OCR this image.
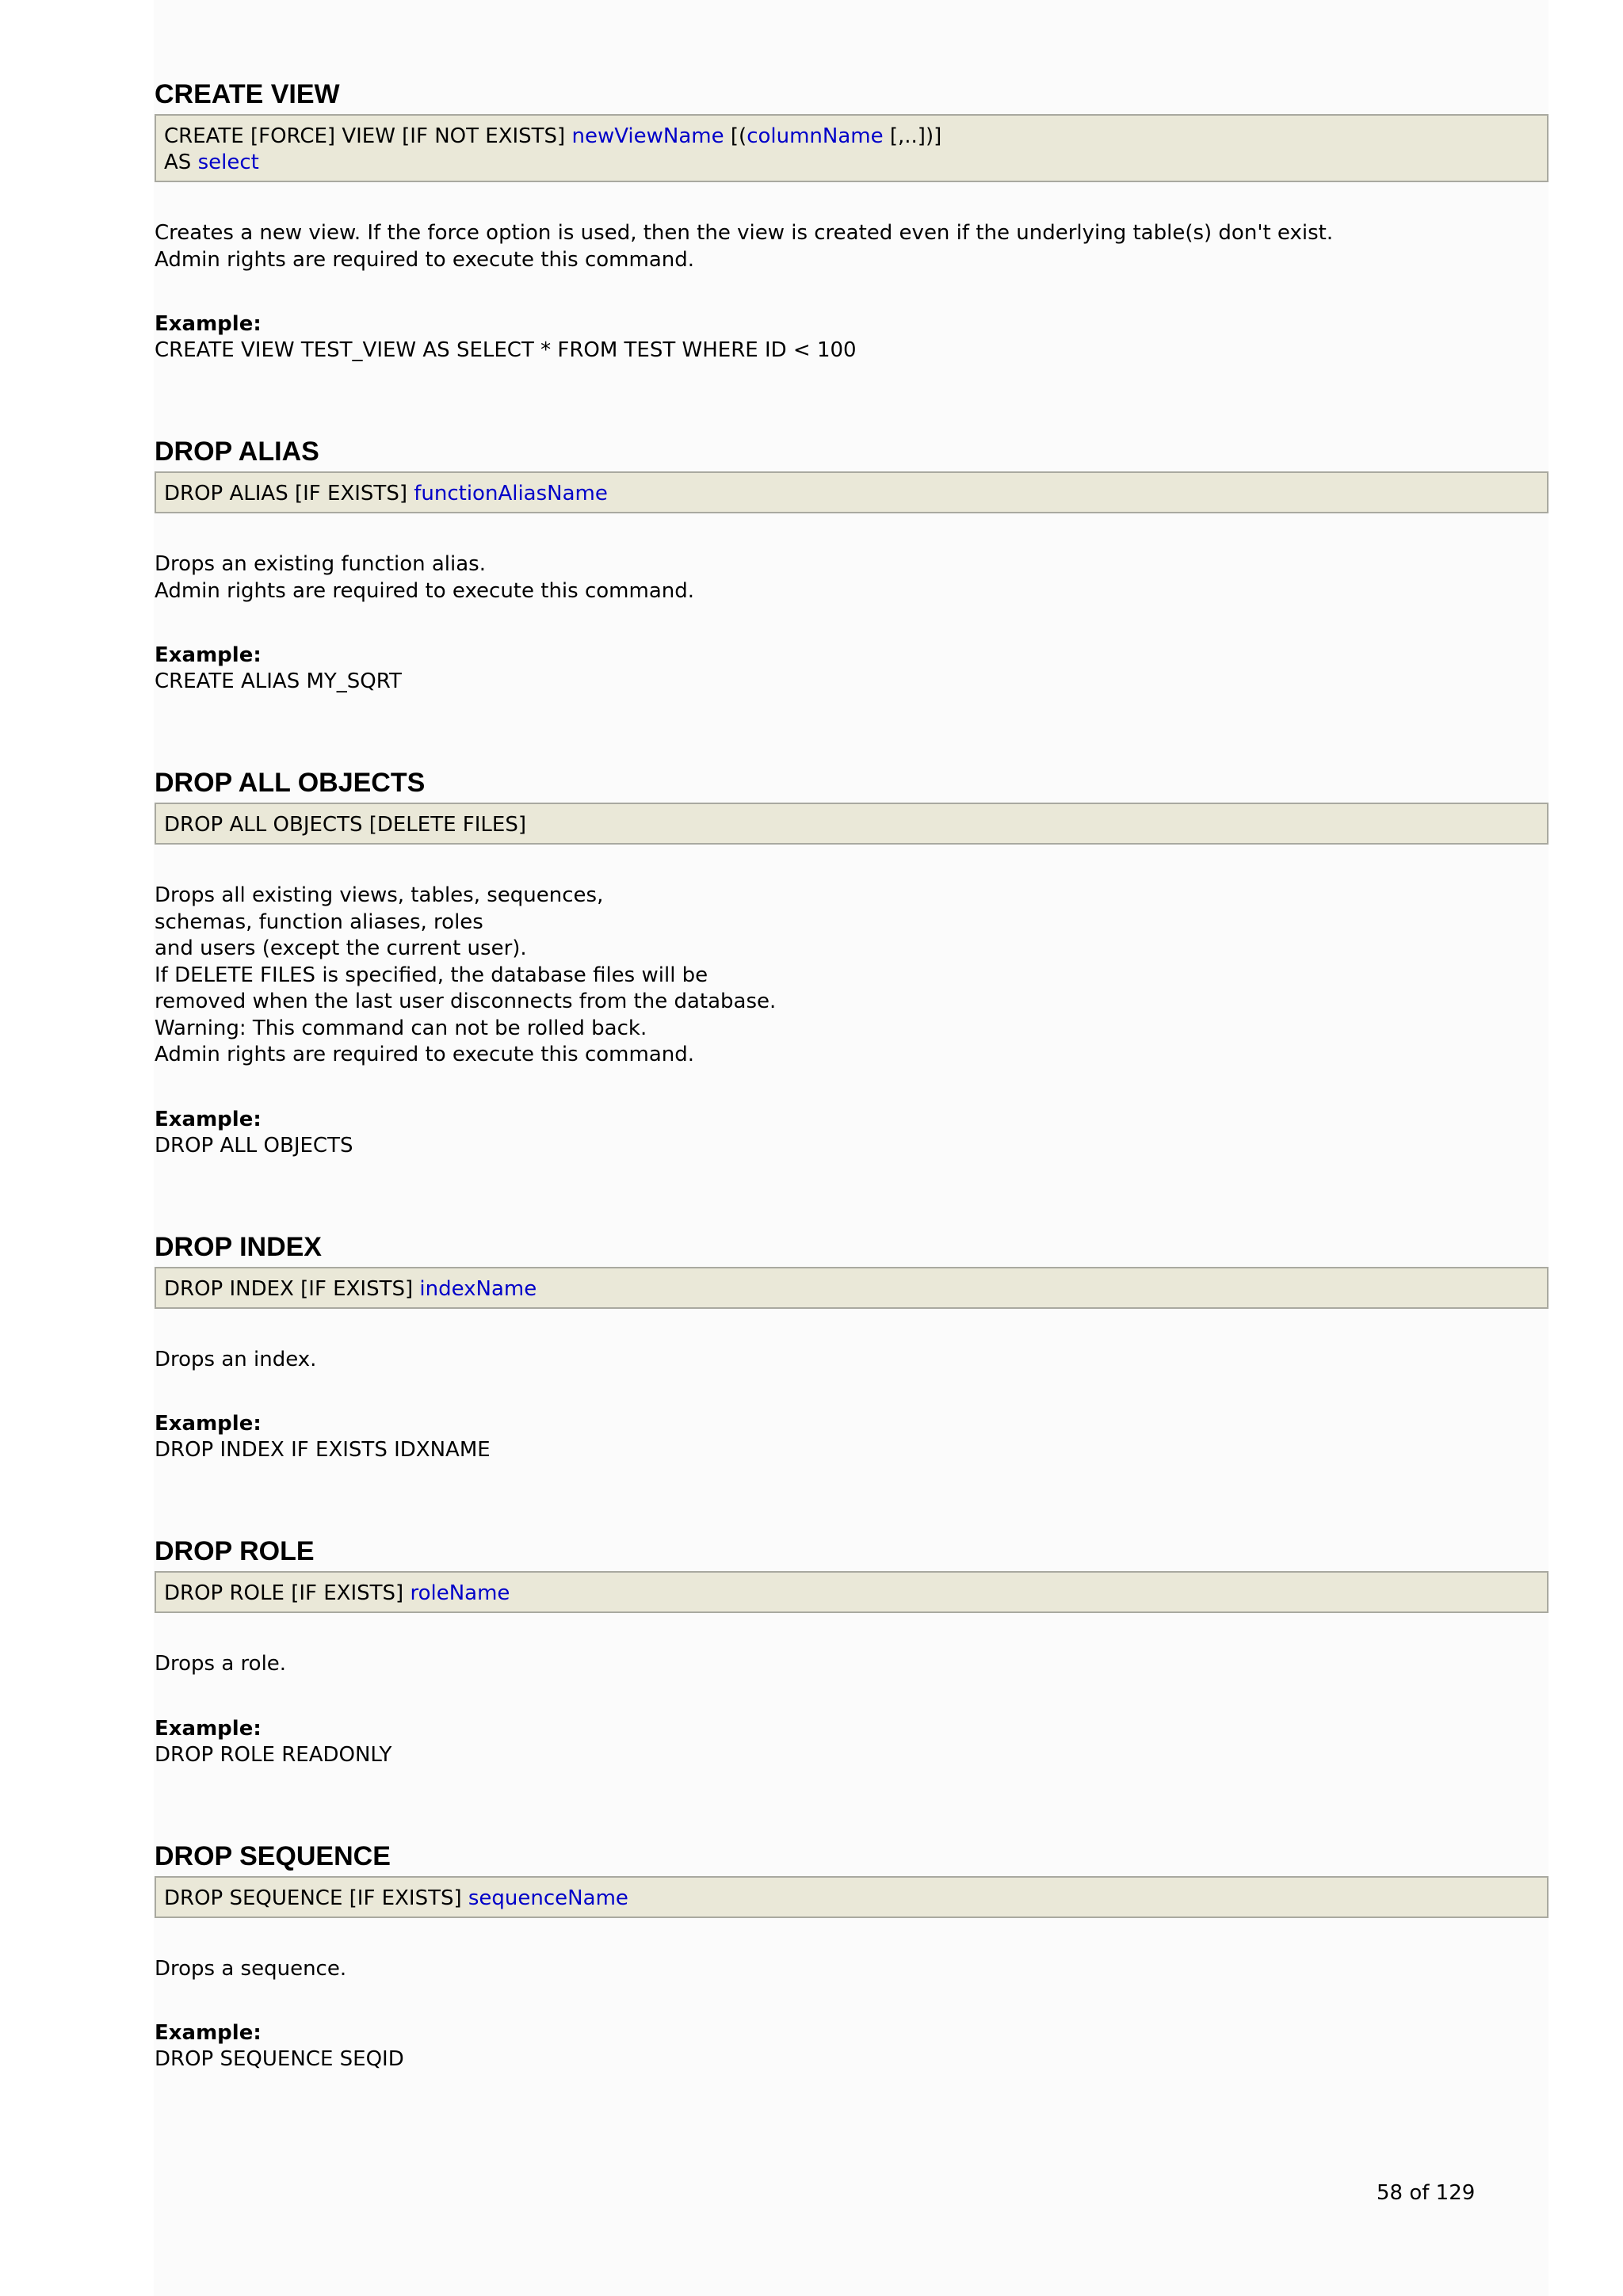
CREATE VIEW
CREATE [FORCE] VIEW [IF NOT EXISTS] newViewName [(columnName [,..])]
AS select
Creates a new view. If the force option is used, then the view is created even if the underlying table(s) don't exist.
Admin rights are required to execute this command.
Example:
CREATE VIEW TEST_VIEW AS SELECT * FROM TEST WHERE ID < 100
DROP ALIAS
DROP ALIAS [IF EXISTS] functionAliasName
Drops an existing function alias.
Admin rights are required to execute this command.
Example:
CREATE ALIAS MY_SQRT
DROP ALL OBJECTS
DROP ALL OBJECTS [DELETE FILES]
Drops all existing views, tables, sequences,
schemas, function aliases, roles
and users (except the current user).
If DELETE FILES is specified, the database files will be
removed when the last user disconnects from the database.
Warning: This command can not be rolled back.
Admin rights are required to execute this command.
Example:
DROP ALL OBJECTS
DROP INDEX
DROP INDEX [IF EXISTS] indexName
Drops an index.
Example:
DROP INDEX IF EXISTS IDXNAME
DROP ROLE
DROP ROLE [IF EXISTS] roleName
Drops a role.
Example:
DROP ROLE READONLY
DROP SEQUENCE
DROP SEQUENCE [IF EXISTS] sequenceName
Drops a sequence.
Example:
DROP SEQUENCE SEQID
58 of 129
